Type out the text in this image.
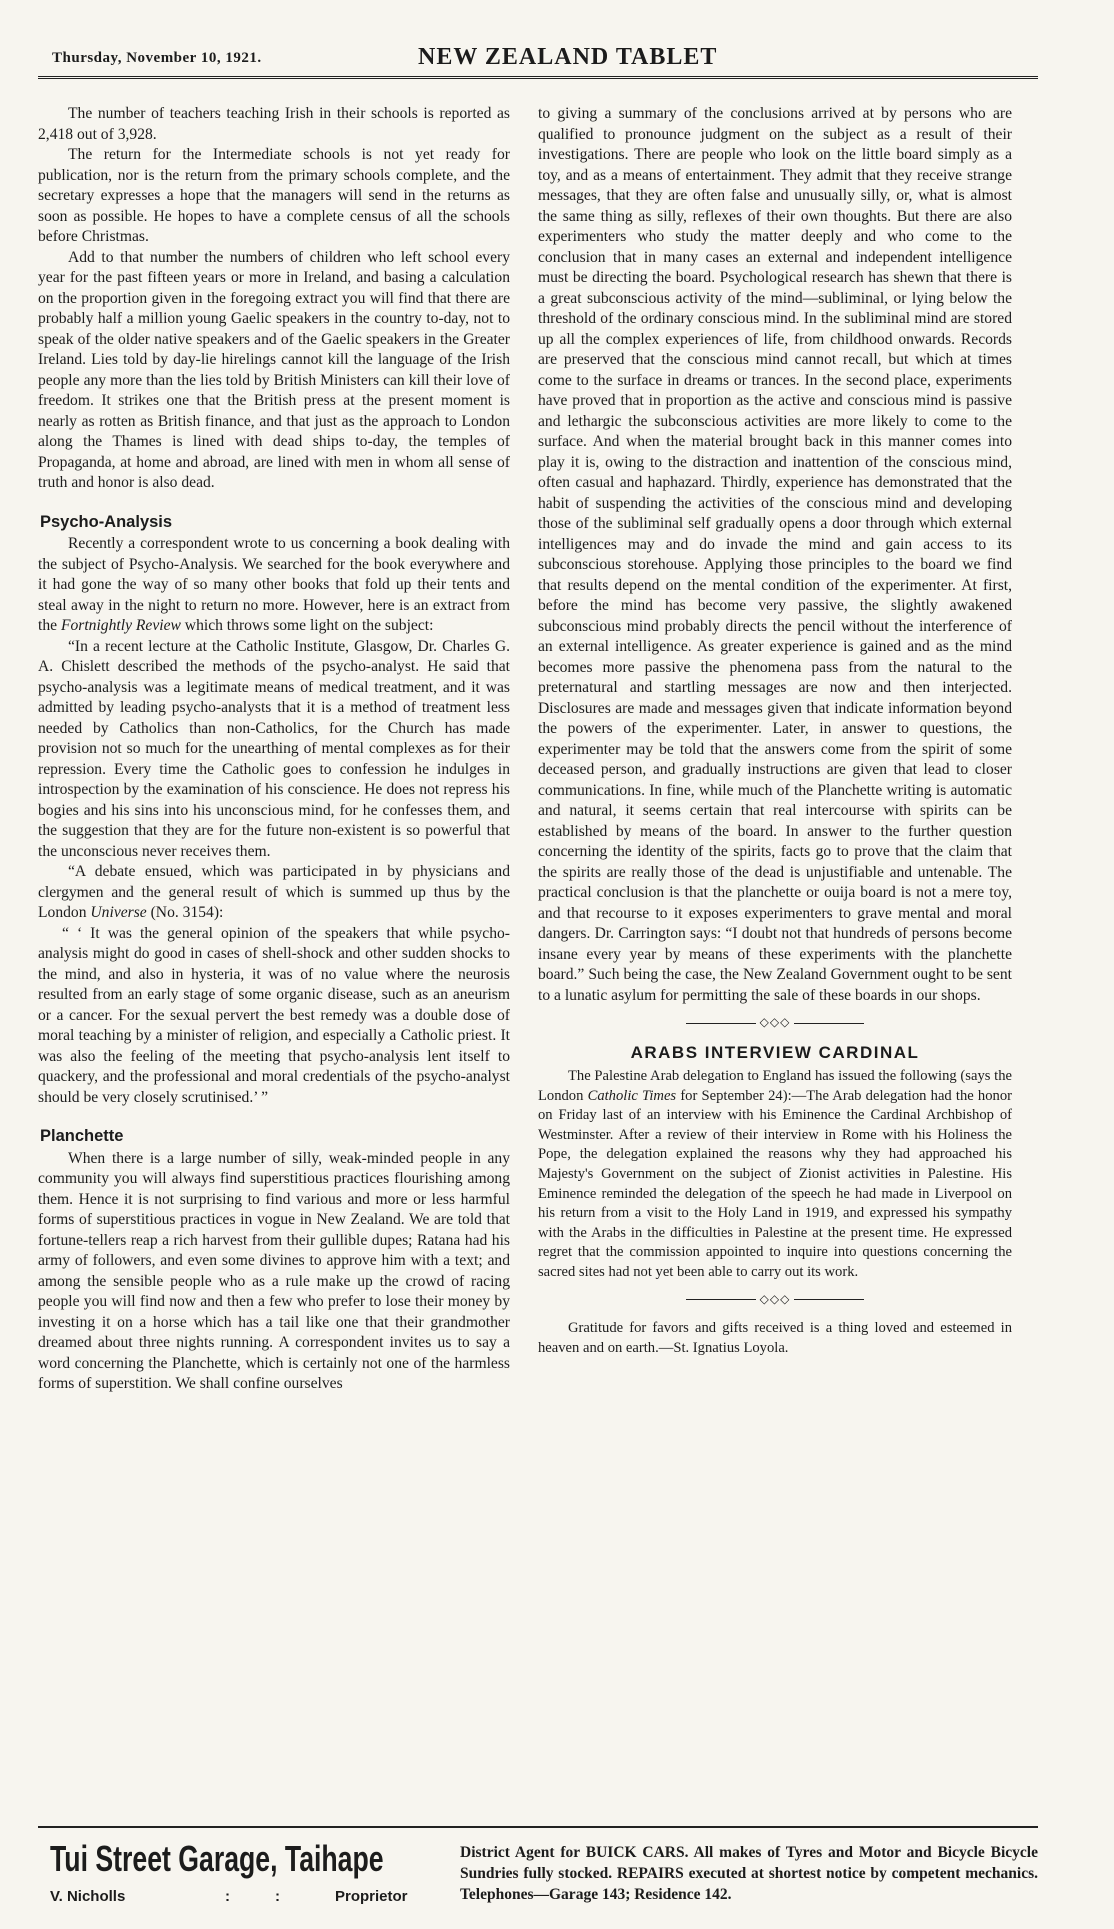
Thursday, November 10, 1921.	NEW ZEALAND TABLET

The number of teachers teaching Irish in their schools is reported as 2,418 out of 3,928.

The return for the Intermediate schools is not yet ready for publication, nor is the return from the primary schools complete, and the secretary expresses a hope that the managers will send in the returns as soon as possible. He hopes to have a complete census of all the schools before Christmas.

Add to that number the numbers of children who left school every year for the past fifteen years or more in Ireland, and basing a calculation on the proportion given in the foregoing extract you will find that there are probably half a million young Gaelic speakers in the country to-day, not to speak of the older native speakers and of the Gaelic speakers in the Greater Ireland. Lies told by day-lie hirelings cannot kill the language of the Irish people any more than the lies told by British Ministers can kill their love of freedom. It strikes one that the British press at the present moment is nearly as rotten as British finance, and that just as the approach to London along the Thames is lined with dead ships to-day, the temples of Propaganda, at home and abroad, are lined with men in whom all sense of truth and honor is also dead.

Psycho-Analysis

Recently a correspondent wrote to us concerning a book dealing with the subject of Psycho-Analysis. We searched for the book everywhere and it had gone the way of so many other books that fold up their tents and steal away in the night to return no more. However, here is an extract from the Fortnightly Review which throws some light on the subject:

“In a recent lecture at the Catholic Institute, Glasgow, Dr. Charles G. A. Chislett described the methods of the psycho-analyst. He said that psycho-analysis was a legitimate means of medical treatment, and it was admitted by leading psycho-analysts that it is a method of treatment less needed by Catholics than non-Catholics, for the Church has made provision not so much for the unearthing of mental complexes as for their repression. Every time the Catholic goes to confession he indulges in introspection by the examination of his conscience. He does not repress his bogies and his sins into his unconscious mind, for he confesses them, and the suggestion that they are for the future non-existent is so powerful that the unconscious never receives them.

“A debate ensued, which was participated in by physicians and clergymen and the general result of which is summed up thus by the London Universe (No. 3154):

“ ‘ It was the general opinion of the speakers that while psycho-analysis might do good in cases of shell-shock and other sudden shocks to the mind, and also in hysteria, it was of no value where the neurosis resulted from an early stage of some organic disease, such as an aneurism or a cancer. For the sexual pervert the best remedy was a double dose of moral teaching by a minister of religion, and especially a Catholic priest. It was also the feeling of the meeting that psycho-analysis lent itself to quackery, and the professional and moral credentials of the psycho-analyst should be very closely scrutinised.’ ”

Planchette

When there is a large number of silly, weak-minded people in any community you will always find superstitious practices flourishing among them. Hence it is not surprising to find various and more or less harmful forms of superstitious practices in vogue in New Zealand. We are told that fortune-tellers reap a rich harvest from their gullible dupes; Ratana had his army of followers, and even some divines to approve him with a text; and among the sensible people who as a rule make up the crowd of racing people you will find now and then a few who prefer to lose their money by investing it on a horse which has a tail like one that their grandmother dreamed about three nights running. A correspondent invites us to say a word concerning the Planchette, which is certainly not one of the harmless forms of superstition. We shall confine ourselves

to giving a summary of the conclusions arrived at by persons who are qualified to pronounce judgment on the subject as a result of their investigations. There are people who look on the little board simply as a toy, and as a means of entertainment. They admit that they receive strange messages, that they are often false and unusually silly, or, what is almost the same thing as silly, reflexes of their own thoughts. But there are also experimenters who study the matter deeply and who come to the conclusion that in many cases an external and independent intelligence must be directing the board. Psychological research has shewn that there is a great subconscious activity of the mind—subliminal, or lying below the threshold of the ordinary conscious mind. In the subliminal mind are stored up all the complex experiences of life, from childhood onwards. Records are preserved that the conscious mind cannot recall, but which at times come to the surface in dreams or trances. In the second place, experiments have proved that in proportion as the active and conscious mind is passive and lethargic the subconscious activities are more likely to come to the surface. And when the material brought back in this manner comes into play it is, owing to the distraction and inattention of the conscious mind, often casual and haphazard. Thirdly, experience has demonstrated that the habit of suspending the activities of the conscious mind and developing those of the subliminal self gradually opens a door through which external intelligences may and do invade the mind and gain access to its subconscious storehouse. Applying those principles to the board we find that results depend on the mental condition of the experimenter. At first, before the mind has become very passive, the slightly awakened subconscious mind probably directs the pencil without the interference of an external intelligence. As greater experience is gained and as the mind becomes more passive the phenomena pass from the natural to the preternatural and startling messages are now and then interjected. Disclosures are made and messages given that indicate information beyond the powers of the experimenter. Later, in answer to questions, the experimenter may be told that the answers come from the spirit of some deceased person, and gradually instructions are given that lead to closer communications. In fine, while much of the Planchette writing is automatic and natural, it seems certain that real intercourse with spirits can be established by means of the board. In answer to the further question concerning the identity of the spirits, facts go to prove that the claim that the spirits are really those of the dead is unjustifiable and untenable. The practical conclusion is that the planchette or ouija board is not a mere toy, and that recourse to it exposes experimenters to grave mental and moral dangers. Dr. Carrington says: “I doubt not that hundreds of persons become insane every year by means of these experiments with the planchette board.” Such being the case, the New Zealand Government ought to be sent to a lunatic asylum for permitting the sale of these boards in our shops.

◇◇◇
ARABS INTERVIEW CARDINAL

The Palestine Arab delegation to England has issued the following (says the London Catholic Times for September 24):—The Arab delegation had the honor on Friday last of an interview with his Eminence the Cardinal Archbishop of Westminster. After a review of their interview in Rome with his Holiness the Pope, the delegation explained the reasons why they had approached his Majesty's Government on the subject of Zionist activities in Palestine. His Eminence reminded the delegation of the speech he had made in Liverpool on his return from a visit to the Holy Land in 1919, and expressed his sympathy with the Arabs in the difficulties in Palestine at the present time. He expressed regret that the commission appointed to inquire into questions concerning the sacred sites had not yet been able to carry out its work.

◇◇◇

Gratitude for favors and gifts received is a thing loved and esteemed in heaven and on earth.—St. Ignatius Loyola.

Tui Street Garage, Taihape
V. Nicholls	:	:	Proprietor
District Agent for BUICK CARS. All makes of Tyres and Motor and Bicycle Bicycle Sundries fully stocked. REPAIRS executed at shortest notice by competent mechanics. Telephones—Garage 143; Residence 142.
